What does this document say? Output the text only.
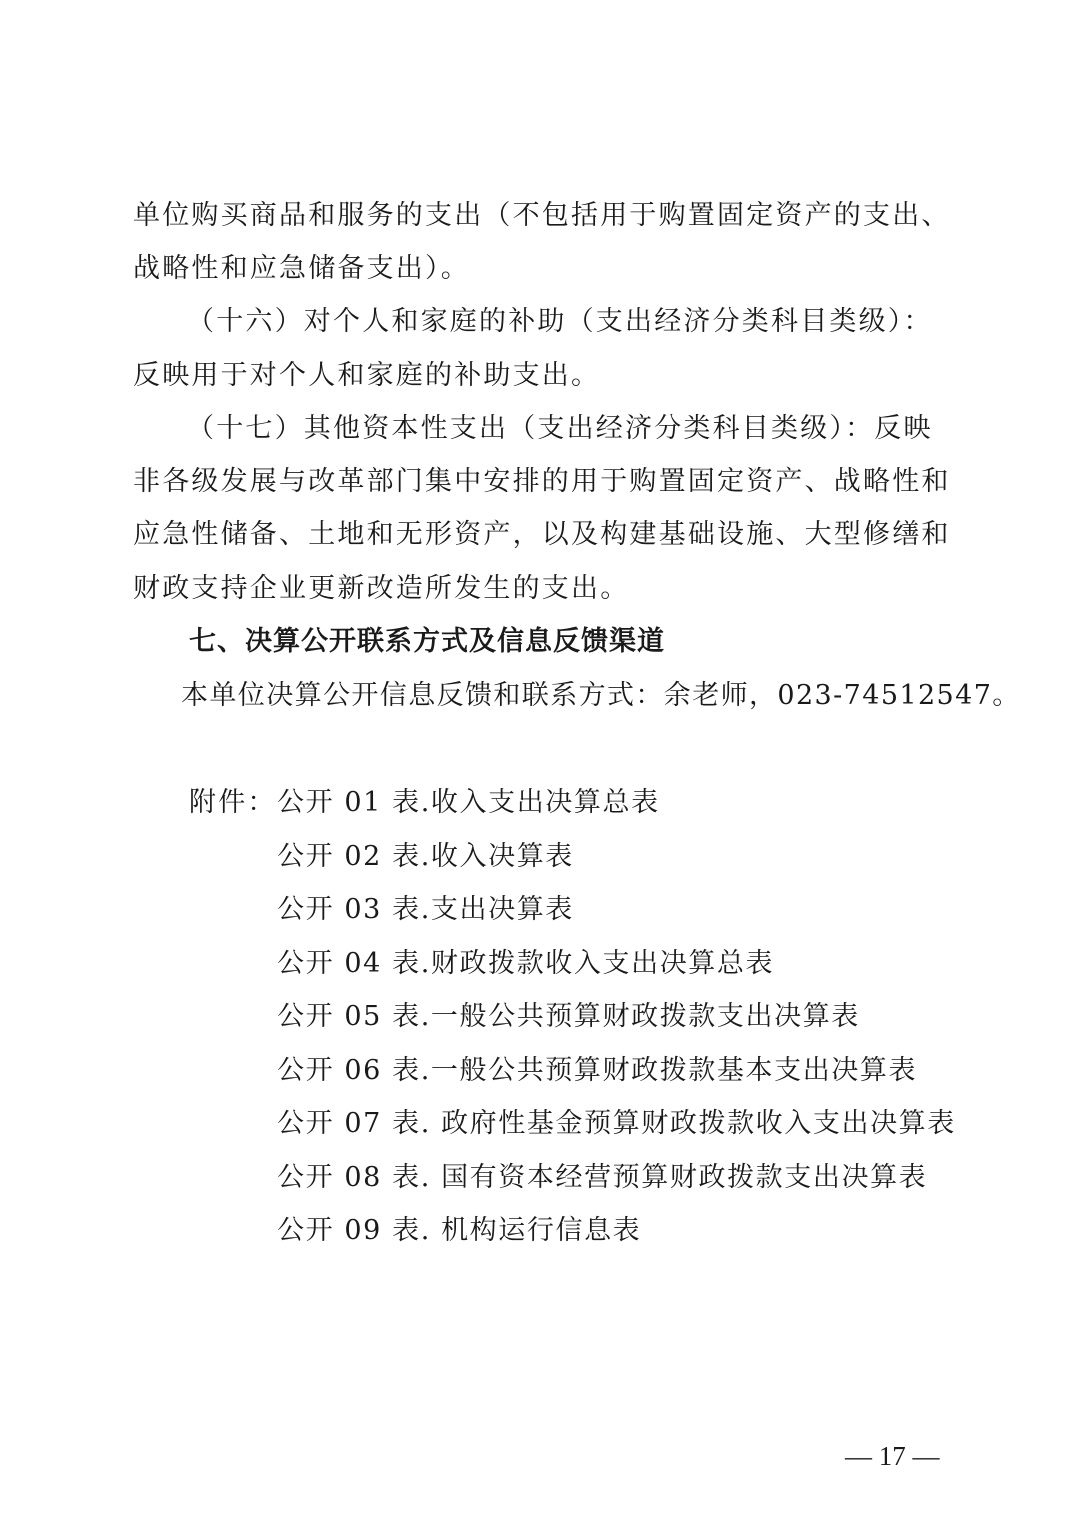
单位购买商品和服务的支出（不包括用于购置固定资产的支出、
战略性和应急储备支出）。
（十六）对个人和家庭的补助（支出经济分类科目类级）：
反映用于对个人和家庭的补助支出。
（十七）其他资本性支出（支出经济分类科目类级）：反映
非各级发展与改革部门集中安排的用于购置固定资产、战略性和
应急性储备、土地和无形资产，以及构建基础设施、大型修缮和
财政支持企业更新改造所发生的支出。
七、决算公开联系方式及信息反馈渠道
本单位决算公开信息反馈和联系方式：余老师，023-74512547。
附件： 公开 01 表.收入支出决算总表
公开 02 表.收入决算表
公开 03 表.支出决算表
公开 04 表.财政拨款收入支出决算总表
公开 05 表.一般公共预算财政拨款支出决算表
公开 06 表.一般公共预算财政拨款基本支出决算表
公开 07 表. 政府性基金预算财政拨款收入支出决算表
公开 08 表. 国有资本经营预算财政拨款支出决算表
公开 09 表. 机构运行信息表
— 17 —
